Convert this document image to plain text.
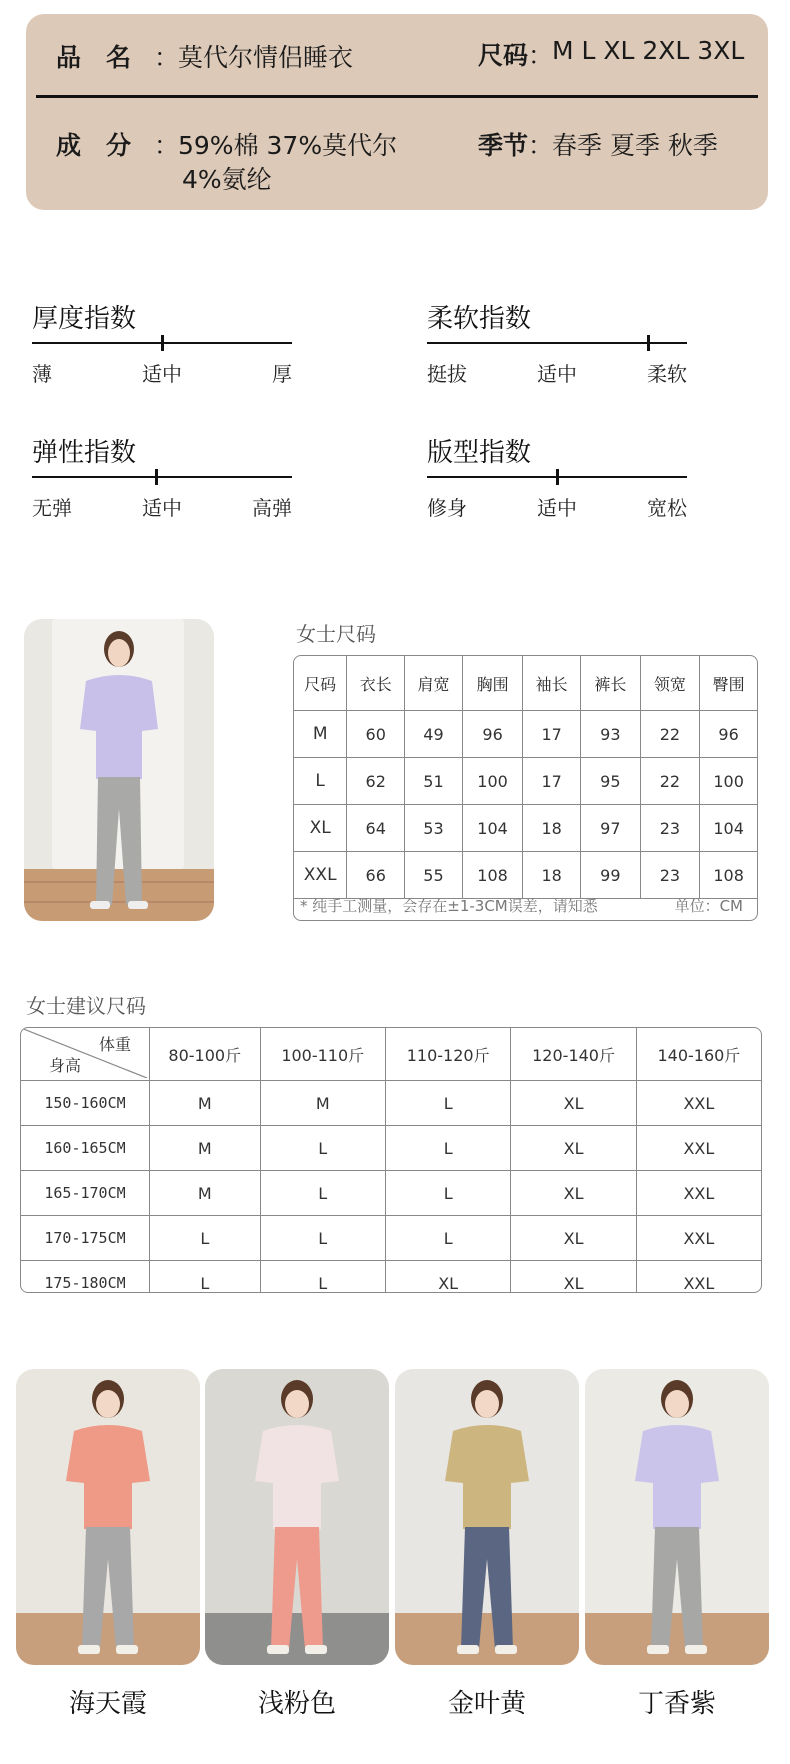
品　名 ：
莫代尔情侣睡衣	尺码 ：
M L XL 2XL 3XL
成　分 ：
59%棉 37%莫代尔
4%氨纶
季节 ：
春季 夏季 秋季
厚度指数
薄	适中	厚
柔软指数
挺拔	适中	柔软
弹性指数
无弹	适中	高弹
版型指数
修身	适中	宽松
女士尺码
尺码	衣长	肩宽	胸围	袖长	裤长	领宽	臀围
M	60	49	96	17	93	22	96
L	62	51	100	17	95	22	100
XL	64	53	104	18	97	23	104
XXL	66	55	108	18	99	23	108

* 纯手工测量，会存在±1-3CM误差，请知悉	单位：CM
女士建议尺码
体重
身高	80-100斤	100-110斤	110-120斤	120-140斤	140-160斤
150-160CM	M	M	L	XL	XXL
160-165CM	M	L	L	XL	XXL
165-170CM	M	L	L	XL	XXL
170-175CM	L	L	L	XL	XXL
175-180CM	L	L	XL	XL	XXL
海天霞	浅粉色	金叶黄	丁香紫
